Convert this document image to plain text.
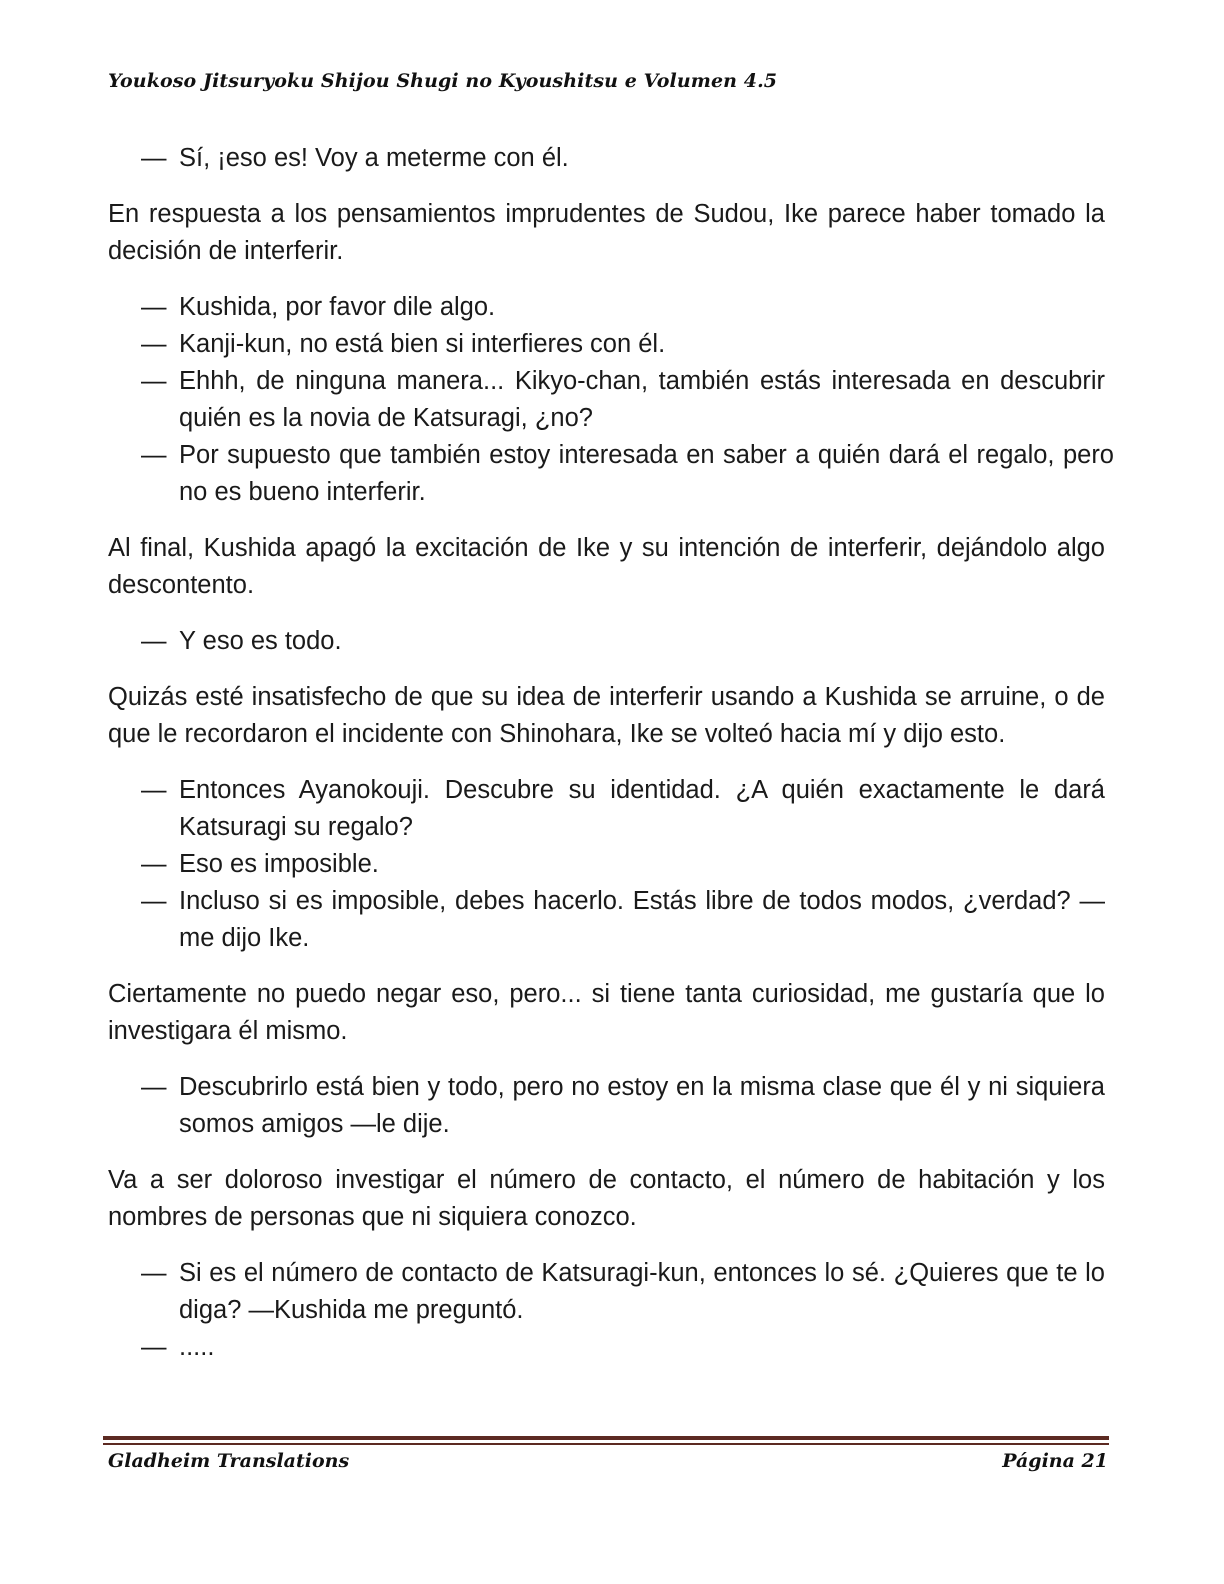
Youkoso Jitsuryoku Shijou Shugi no Kyoushitsu e Volumen 4.5
— Sí, ¡eso es! Voy a meterme con él.

En respuesta a los pensamientos imprudentes de Sudou, Ike parece haber tomado la decisión de interferir.

— Kushida, por favor dile algo.
— Kanji-kun, no está bien si interfieres con él.
— Ehhh, de ninguna manera... Kikyo-chan, también estás interesada en descubrir quién es la novia de Katsuragi, ¿no?
— Por supuesto que también estoy interesada en saber a quién dará el regalo, pero no es bueno interferir.

Al final, Kushida apagó la excitación de Ike y su intención de interferir, dejándolo algo descontento.

— Y eso es todo.

Quizás esté insatisfecho de que su idea de interferir usando a Kushida se arruine, o de que le recordaron el incidente con Shinohara, Ike se volteó hacia mí y dijo esto.

— Entonces Ayanokouji. Descubre su identidad. ¿A quién exactamente le dará Katsuragi su regalo?
— Eso es imposible.
— Incluso si es imposible, debes hacerlo. Estás libre de todos modos, ¿verdad? —me dijo Ike.

Ciertamente no puedo negar eso, pero... si tiene tanta curiosidad, me gustaría que lo investigara él mismo.

— Descubrirlo está bien y todo, pero no estoy en la misma clase que él y ni siquiera somos amigos —le dije.

Va a ser doloroso investigar el número de contacto, el número de habitación y los nombres de personas que ni siquiera conozco.

— Si es el número de contacto de Katsuragi-kun, entonces lo sé. ¿Quieres que te lo diga? —Kushida me preguntó.
— .....
Gladheim Translations	Página 21
